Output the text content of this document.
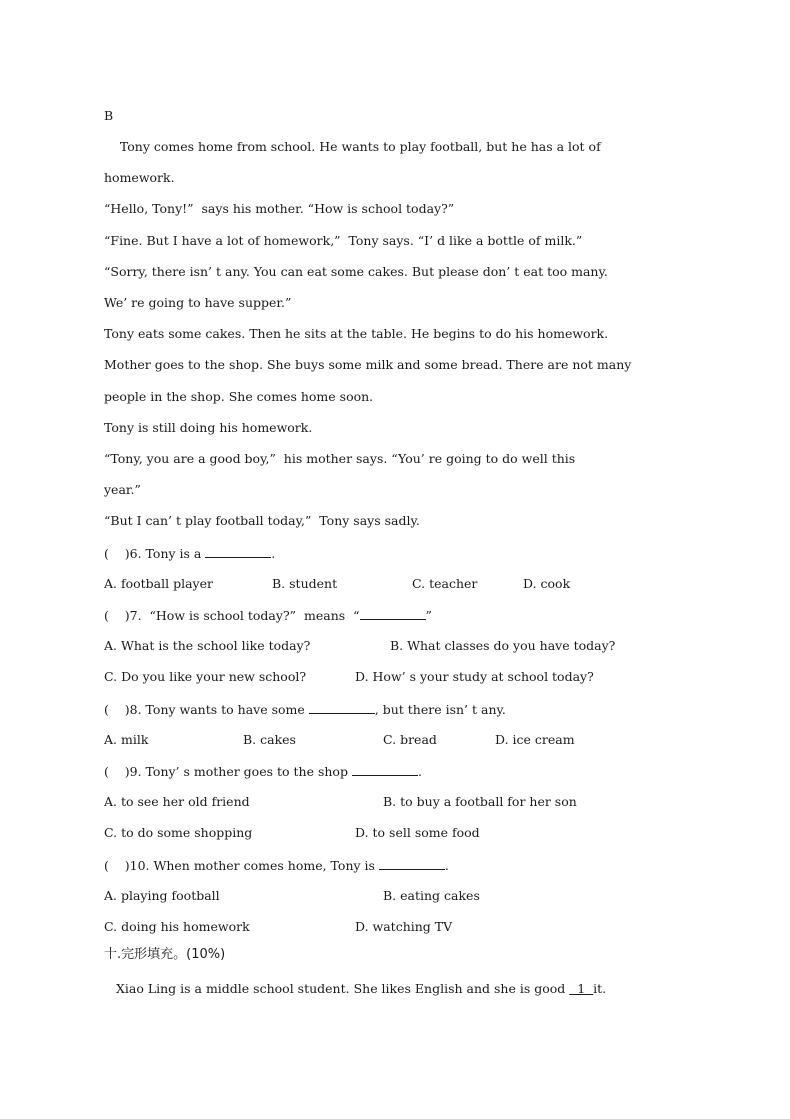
B
Tony comes home from school. He wants to play football, but he has a lot of
homework.
“Hello, Tony!”  says his mother. “How is school today?”
“Fine. But I have a lot of homework,”  Tony says. “I’ d like a bottle of milk.”
“Sorry, there isn’ t any. You can eat some cakes. But please don’ t eat too many.
We’ re going to have supper.”
Tony eats some cakes. Then he sits at the table. He begins to do his homework.
Mother goes to the shop. She buys some milk and some bread. There are not many
people in the shop. She comes home soon.
Tony is still doing his homework.
“Tony, you are a good boy,”  his mother says. “You’ re going to do well this
year.”
“But I can’ t play football today,”  Tony says sadly.
(    )6. Tony is a	.
A. football player	B. student	C. teacher	D. cook
(    )7.  “How is school today?”  means  “	”
A. What is the school like today?	B. What classes do you have today?
C. Do you like your new school?	D. How’ s your study at school today?
(    )8. Tony wants to have some	, but there isn’ t any.
A. milk	B. cakes	C. bread	D. ice cream
(    )9. Tony’ s mother goes to the shop	.
A. to see her old friend	B. to buy a football for her son
C. to do some shopping	D. to sell some food
(    )10. When mother comes home, Tony is	.
A. playing football	B. eating cakes
C. doing his homework	D. watching TV
十.完形填充。(10%)
Xiao Ling is a middle school student. She likes English and she is good   1  it.
